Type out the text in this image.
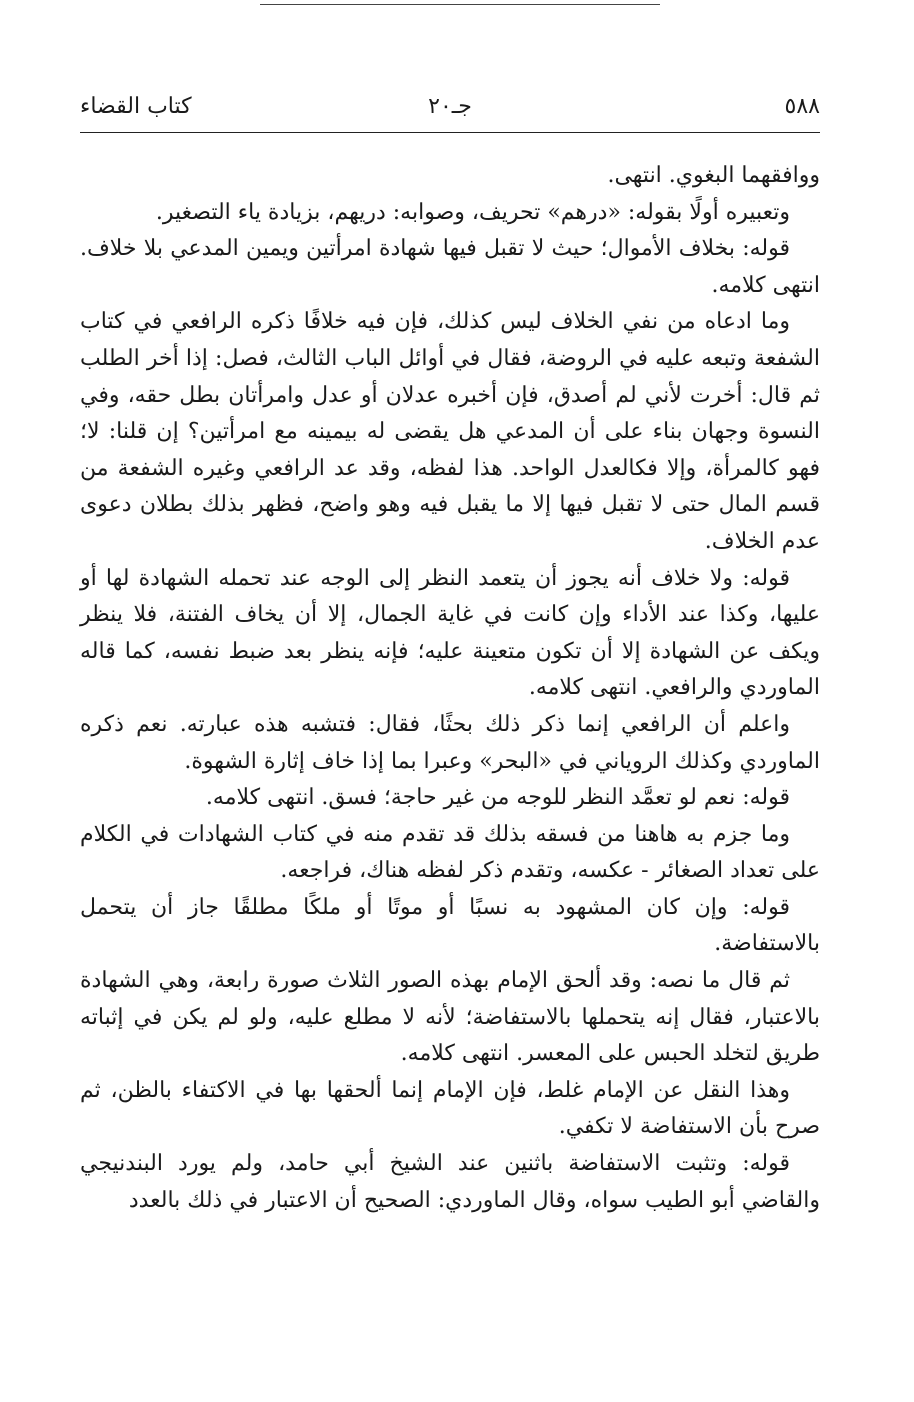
٥٨٨
جـ٢٠
كتاب القضاء

ووافقهما البغوي. انتهى.

وتعبيره أولًا بقوله: «درهم» تحريف، وصوابه: دريهم، بزيادة ياء التصغير.

قوله: بخلاف الأموال؛ حيث لا تقبل فيها شهادة امرأتين ويمين المدعي بلا خلاف. انتهى كلامه.

وما ادعاه من نفي الخلاف ليس كذلك، فإن فيه خلافًا ذكره الرافعي في كتاب الشفعة وتبعه عليه في الروضة، فقال في أوائل الباب الثالث، فصل: إذا أخر الطلب ثم قال: أخرت لأني لم أصدق، فإن أخبره عدلان أو عدل وامرأتان بطل حقه، وفي النسوة وجهان بناء على أن المدعي هل يقضى له بيمينه مع امرأتين؟ إن قلنا: لا؛ فهو كالمرأة، وإلا فكالعدل الواحد. هذا لفظه، وقد عد الرافعي وغيره الشفعة من قسم المال حتى لا تقبل فيها إلا ما يقبل فيه وهو واضح، فظهر بذلك بطلان دعوى عدم الخلاف.

قوله: ولا خلاف أنه يجوز أن يتعمد النظر إلى الوجه عند تحمله الشهادة لها أو عليها، وكذا عند الأداء وإن كانت في غاية الجمال، إلا أن يخاف الفتنة، فلا ينظر ويكف عن الشهادة إلا أن تكون متعينة عليه؛ فإنه ينظر بعد ضبط نفسه، كما قاله الماوردي والرافعي. انتهى كلامه.

واعلم أن الرافعي إنما ذكر ذلك بحثًا، فقال: فتشبه هذه عبارته. نعم ذكره الماوردي وكذلك الروياني في «البحر» وعبرا بما إذا خاف إثارة الشهوة.

قوله: نعم لو تعمَّد النظر للوجه من غير حاجة؛ فسق. انتهى كلامه.

وما جزم به هاهنا من فسقه بذلك قد تقدم منه في كتاب الشهادات في الكلام على تعداد الصغائر - عكسه، وتقدم ذكر لفظه هناك، فراجعه.

قوله: وإن كان المشهود به نسبًا أو موتًا أو ملكًا مطلقًا جاز أن يتحمل بالاستفاضة.

ثم قال ما نصه: وقد ألحق الإمام بهذه الصور الثلاث صورة رابعة، وهي الشهادة بالاعتبار، فقال إنه يتحملها بالاستفاضة؛ لأنه لا مطلع عليه، ولو لم يكن في إثباته طريق لتخلد الحبس على المعسر. انتهى كلامه.

وهذا النقل عن الإمام غلط، فإن الإمام إنما ألحقها بها في الاكتفاء بالظن، ثم صرح بأن الاستفاضة لا تكفي.

قوله: وتثبت الاستفاضة باثنين عند الشيخ أبي حامد، ولم يورد البندنيجي والقاضي أبو الطيب سواه، وقال الماوردي: الصحيح أن الاعتبار في ذلك بالعدد
